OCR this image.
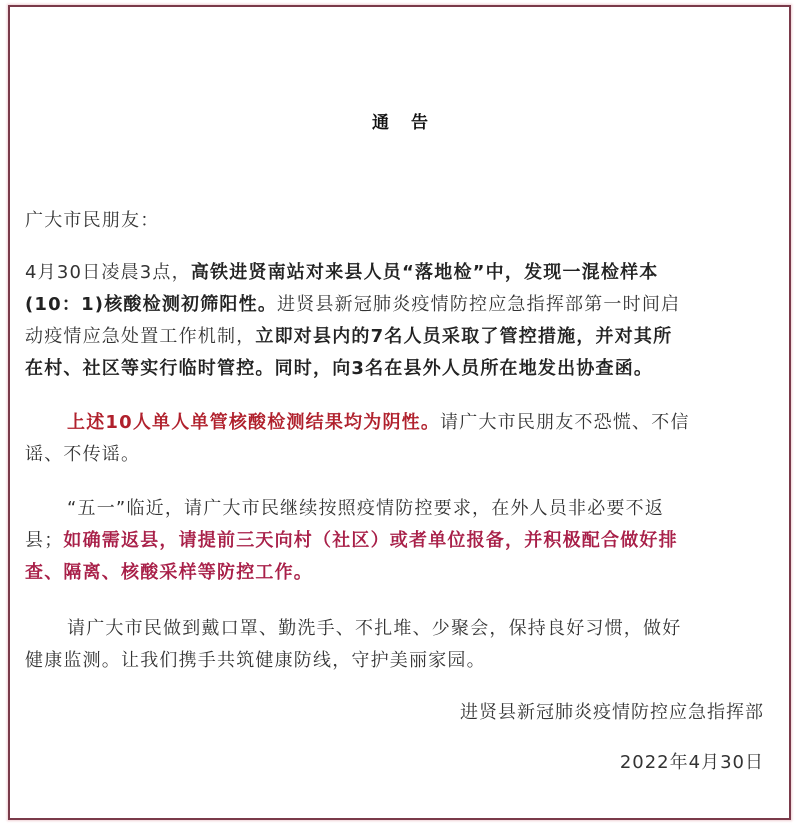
通 告
广大市民朋友：
4月30日凌晨3点，高铁进贤南站对来县人员“落地检”中，发现一混检样本
(10：1)核酸检测初筛阳性。进贤县新冠肺炎疫情防控应急指挥部第一时间启
动疫情应急处置工作机制，立即对县内的7名人员采取了管控措施，并对其所
在村、社区等实行临时管控。同时，向3名在县外人员所在地发出协查函。
上述10人单人单管核酸检测结果均为阴性。请广大市民朋友不恐慌、不信
谣、不传谣。
“五一”临近，请广大市民继续按照疫情防控要求，在外人员非必要不返
县；如确需返县，请提前三天向村（社区）或者单位报备，并积极配合做好排
查、隔离、核酸采样等防控工作。
请广大市民做到戴口罩、勤洗手、不扎堆、少聚会，保持良好习惯，做好
健康监测。让我们携手共筑健康防线，守护美丽家园。
进贤县新冠肺炎疫情防控应急指挥部
2022年4月30日
